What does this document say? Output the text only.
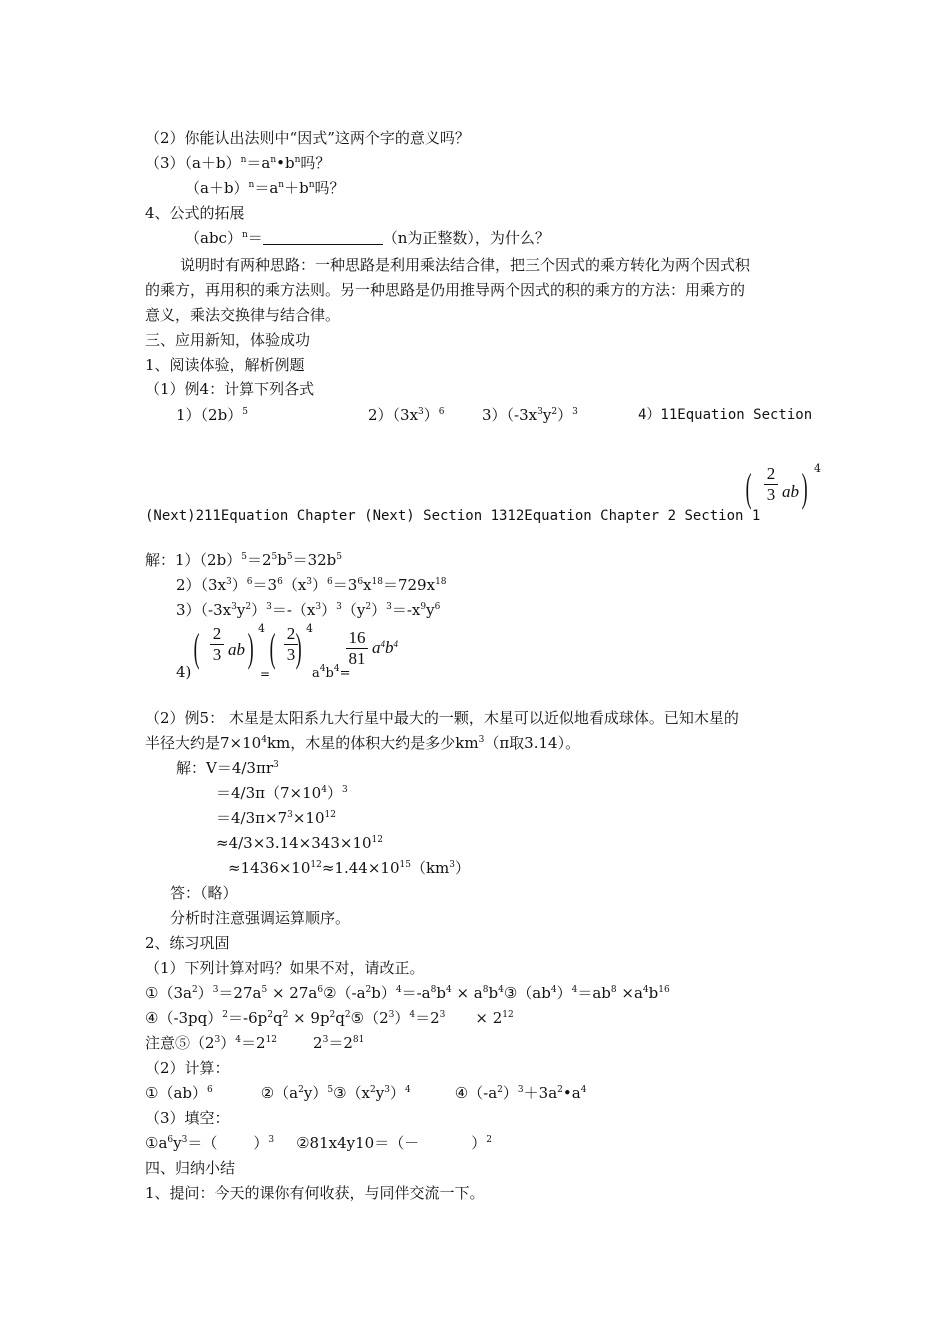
（2）你能认出法则中“因式”这两个字的意义吗？
$(3)(a+b)^n=a^n•b^n$吗？
$(a+b)^n=a^n+b^n$吗？
4、公式的拓展
（abc）$^n$＝	（n为正整数），为什么？
说明时有两种思路：一种思路是利用乘法结合律，把三个因式的乘方转化为两个因式积
的乘方，再用积的乘方法则。另一种思路是仍用推导两个因式的积的乘方的方法：用乘方的
意义，乘法交换律与结合律。
三、应用新知，体验成功
1、阅读体验，解析例题
（1）例4：计算下列各式
$1)(2b)^5$	$2)(3x^3)^6$ $3)(-3x^3y^2)^3$	4）11Equation Section
(Next)211Equation Chapter (Next) Section 1312Equation Chapter 2 Section 1
( $\frac{2}{3}$ ab ) 4
解：$1)(2b)^5=2^5b^5=32b^5$
$2)(3x^3)^6=3^6(x^3)^6=3^6x^{18}=729x^{18}$
$3)(-3x^3y^2)^3=-(x^3)^3(y^2)^3=-x^9y^6$
4)
( $\frac{2}{3}$ ab ) 4
=
( $\frac{2}{3}$
) 4
$a^4b^4=$
$\frac{16}{81} a^4b^4$
（2）例5： 木星是太阳系九大行星中最大的一颗，木星可以近似地看成球体。已知木星的
半径大约是$7\times 10^4km$，木星的体积大约是多少$km^3(\pi$取3.14）。
解：$V=4/3\pi r^3$
$=4/3\pi(7\times 10^4)^3$
$=4/3\pi\times 7^3\times 10^{12}$
$\approx 4/3\times 3.14\times 343\times 10^{12}$
$\approx 1436\times 10^{12}\approx 1.44\times 10^{15}(km^3)$
答：（略）
分析时注意强调运算顺序。
2、练习巩固
（1）下列计算对吗？如果不对，请改正。
$①(3a^2)^3=27a^5$ × $27a^6②(-a^2b)^4=-a^8b^4$ × $a^8b^4③(ab^4)^4=ab^8 \times a^4b^{16}$
$④(-3pq)^2=-6p^2q^2$ × $9p^2q^2⑤(2^3)^4=2^3 \times 2^{12}$
注意$⑤(2^3)^4=2^{12}$ $2^3=2^{81}$
（2）计算：
①（ab）$^6$	$②(a^2y)^5③(x^2y^3)^4$	$④(-a^2)^3+3a^2•a^4$
（3）填空：
$①a^6y^3=$（ ）$^3$ ②81x4y10＝（－	）$^2$
四、归纳小结
1、提问：今天的课你有何收获，与同伴交流一下。
